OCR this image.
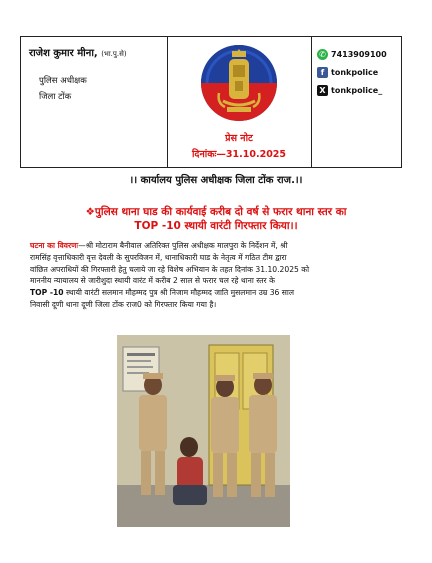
राजेश कुमार मीना, (भा.पु.से)
पुलिस अधीक्षक
जिला टोंक
प्रेस नोट
दिनांकः—31.10.2025
✆ 7413909100
f tonkpolice
X tonkpolice_
।। कार्यालय पुलिस अधीक्षक जिला टोंक राज.।।
❖पुलिस थाना घाड की कार्यवाई करीब दो वर्ष से फरार थाना स्तर का
TOP -10 स्थायी वारंटी गिरफ्तार किया।।
घटना का विवरणः—श्री मोटाराम बैनीवाल अतिरिक्त पुलिस अधीक्षक मालपुरा के निर्देशन में, श्री
रामसिंह वृत्ताधिकारी वृत्त देवली के सुपरविजन में, थानाधिकारी घाड के नेतृत्व में गठित टीम द्वारा
वांछित अपराधियों की गिरफ्तारी हेतु चलाये जा रहे विशेष अभियान के तहत दिनांक 31.10.2025 को
माननीय न्यायालय से जारीशुदा स्थायी वारंट में करीब 2 साल से फरार चल रहे थाना स्तर के
TOP -10 स्थायी वारंटी सलमान मौहम्मद पुत्र श्री निजाम मौहम्मद जाति मुसलमान उम्र 36 साल
निवासी दूणी थाना दूणी जिला टोंक राज0 को गिरफ्तार किया गया है।
